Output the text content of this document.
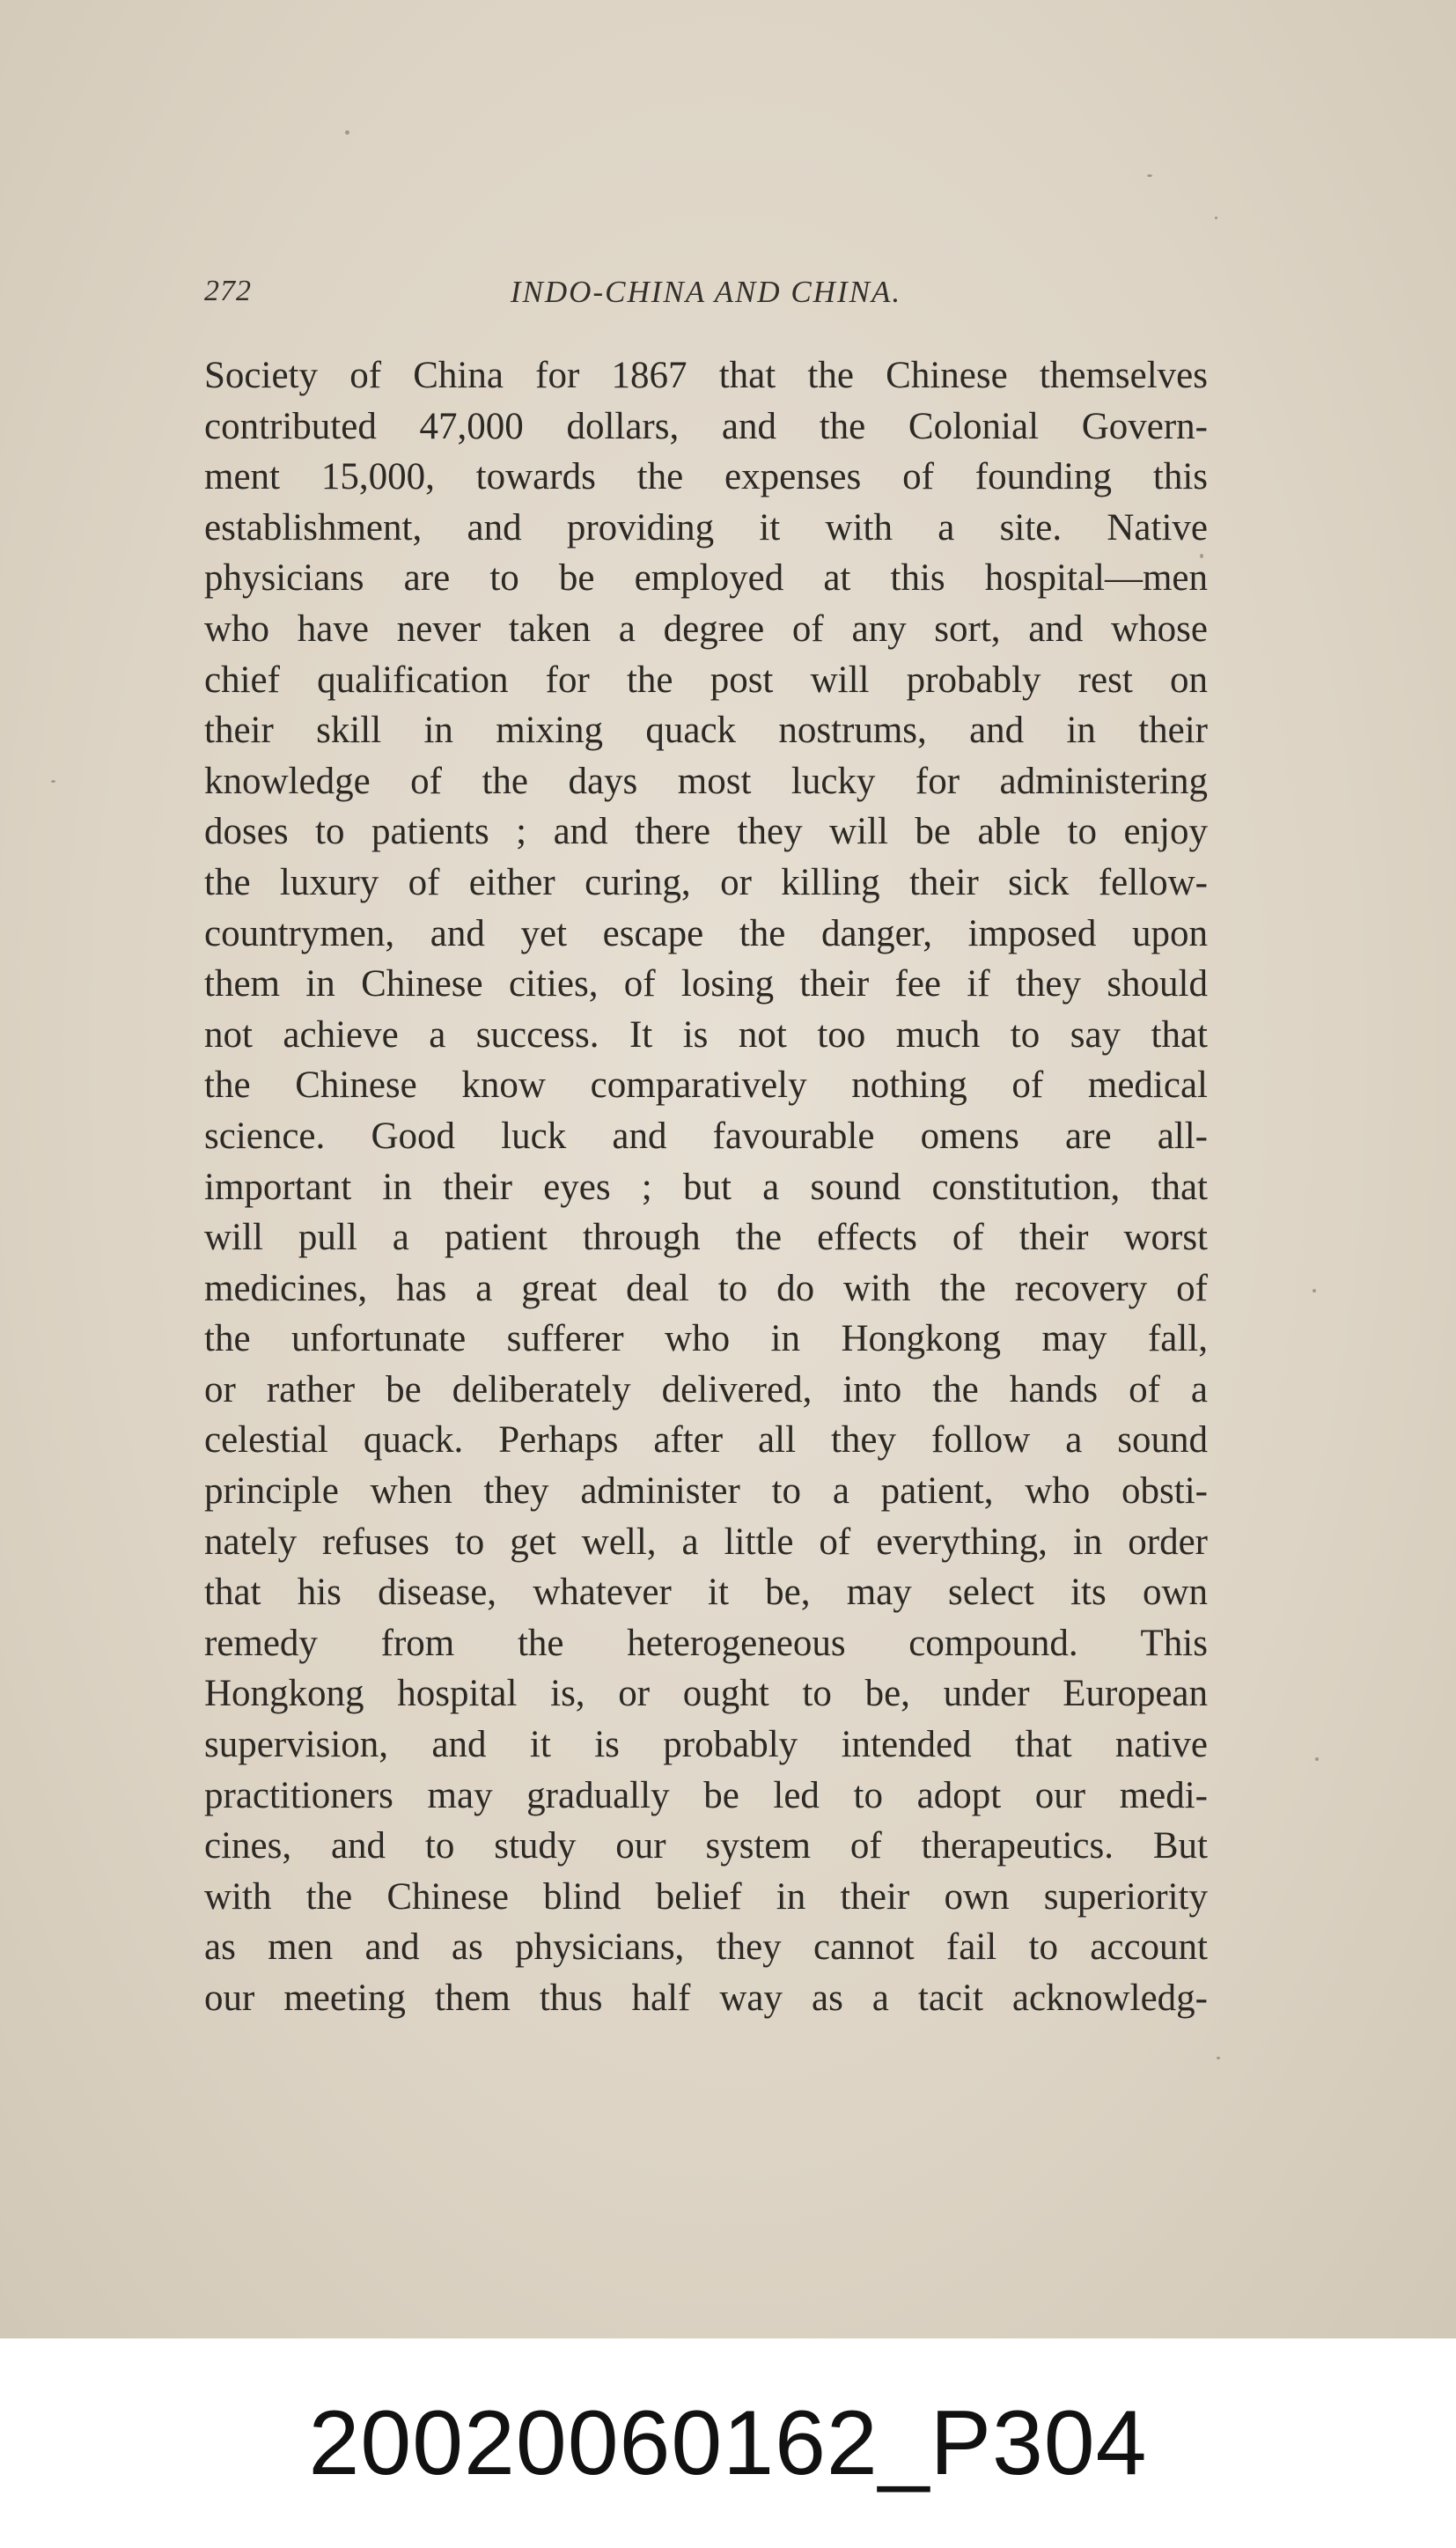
272	INDO-CHINA AND CHINA.
Society of China for 1867 that the Chinese themselves
contributed 47,000 dollars, and the Colonial Govern-
ment 15,000, towards the expenses of founding this
establishment, and providing it with a site. Native
physicians are to be employed at this hospital—men
who have never taken a degree of any sort, and whose
chief qualification for the post will probably rest on
their skill in mixing quack nostrums, and in their
knowledge of the days most lucky for administering
doses to patients ; and there they will be able to enjoy
the luxury of either curing, or killing their sick fellow-
countrymen, and yet escape the danger, imposed upon
them in Chinese cities, of losing their fee if they should
not achieve a success. It is not too much to say that
the Chinese know comparatively nothing of medical
science. Good luck and favourable omens are all-
important in their eyes ; but a sound constitution, that
will pull a patient through the effects of their worst
medicines, has a great deal to do with the recovery of
the unfortunate sufferer who in Hongkong may fall,
or rather be deliberately delivered, into the hands of a
celestial quack. Perhaps after all they follow a sound
principle when they administer to a patient, who obsti-
nately refuses to get well, a little of everything, in order
that his disease, whatever it be, may select its own
remedy from the heterogeneous compound. This
Hongkong hospital is, or ought to be, under European
supervision, and it is probably intended that native
practitioners may gradually be led to adopt our medi-
cines, and to study our system of therapeutics. But
with the Chinese blind belief in their own superiority
as men and as physicians, they cannot fail to account
our meeting them thus half way as a tacit acknowledg-
20020060162_P304
